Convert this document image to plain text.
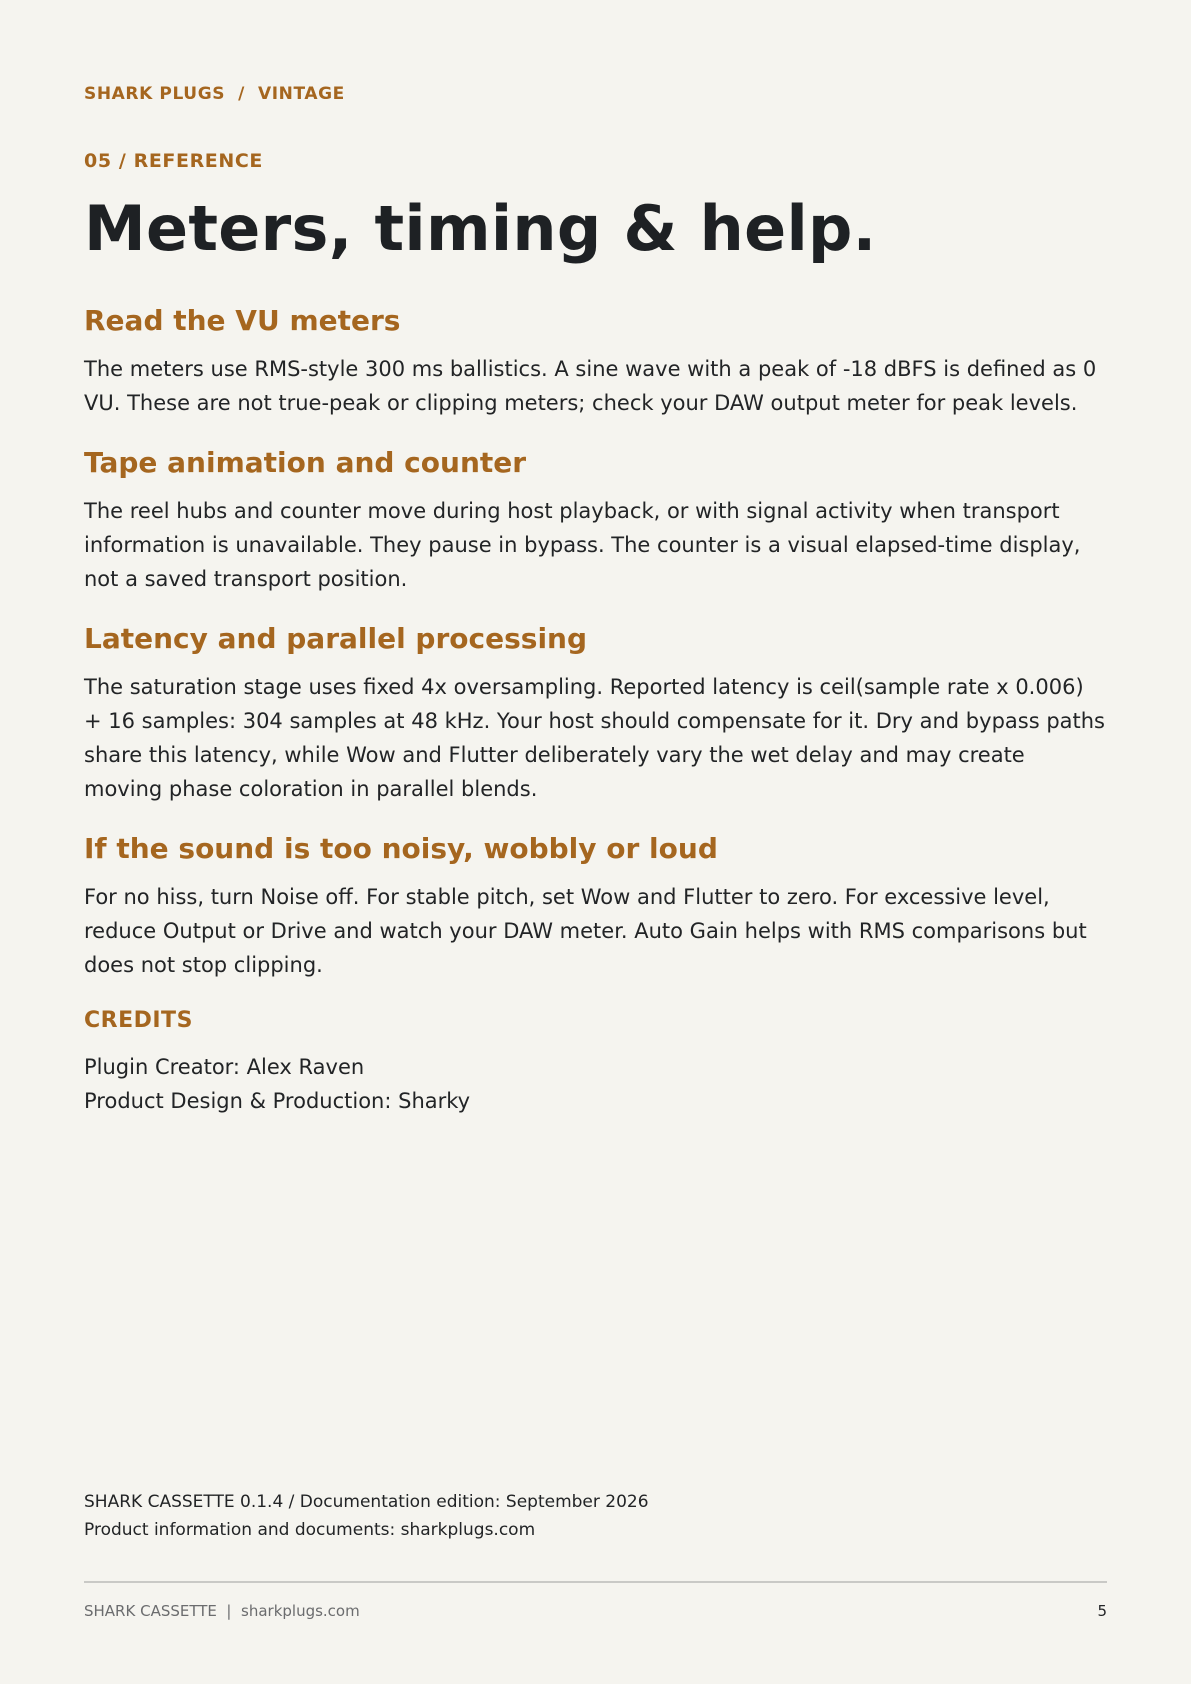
SHARK PLUGS  /  VINTAGE
05 / REFERENCE
Meters, timing & help.
Read the VU meters

The meters use RMS-style 300 ms ballistics. A sine wave with a peak of -18 dBFS is defined as 0 VU. These are not true-peak or clipping meters; check your DAW output meter for peak levels.

Tape animation and counter

The reel hubs and counter move during host playback, or with signal activity when transport information is unavailable. They pause in bypass. The counter is a visual elapsed-time display, not a saved transport position.

Latency and parallel processing

The saturation stage uses fixed 4x oversampling. Reported latency is ceil(sample rate x 0.006) + 16 samples: 304 samples at 48 kHz. Your host should compensate for it. Dry and bypass paths share this latency, while Wow and Flutter deliberately vary the wet delay and may create moving phase coloration in parallel blends.

If the sound is too noisy, wobbly or loud

For no hiss, turn Noise off. For stable pitch, set Wow and Flutter to zero. For excessive level, reduce Output or Drive and watch your DAW meter. Auto Gain helps with RMS comparisons but does not stop clipping.

CREDITS
Plugin Creator: Alex Raven
Product Design & Production: Sharky
SHARK CASSETTE 0.1.4 / Documentation edition: September 2026
Product information and documents: sharkplugs.com
SHARK CASSETTE  |  sharkplugs.com	5
